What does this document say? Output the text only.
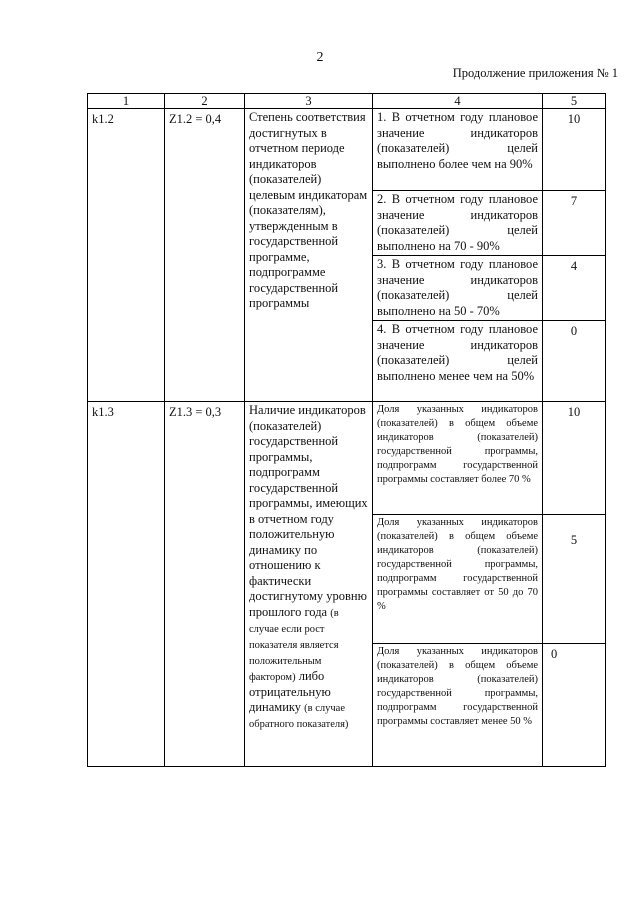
2
Продолжение приложения № 1
1	2	3	4	5
k1.2	Z1.2 = 0,4	Степень соответствия достигнутых в отчетном периоде индикаторов (показателей) целевым индикаторам (показателям), утвержденным в государственной программе, подпрограмме государственной программы	1. В отчетном году плановое значение индикаторов (показателей) целей выполнено более чем на 90%	10
			2. В отчетном году плановое значение индикаторов (показателей) целей выполнено на 70 - 90%	7
			3. В отчетном году плановое значение индикаторов (показателей) целей выполнено на 50 - 70%	4
			4. В отчетном году плановое значение индикаторов (показателей) целей выполнено менее чем на 50%	0
k1.3	Z1.3 = 0,3	Наличие индикаторов (показателей) государственной программы, подпрограмм государственной программы, имеющих в отчетном году положительную динамику по отношению к фактически достигнутому уровню прошлого года (в случае если рост показателя является положительным фактором) либо отрицательную динамику (в случае обратного показателя)	Доля указанных индикаторов (показателей) в общем объеме индикаторов (показателей) государственной программы, подпрограмм государственной программы составляет более 70 %	10
			Доля указанных индикаторов (показателей) в общем объеме индикаторов (показателей) государственной программы, подпрограмм государственной программы составляет от 50 до 70 %	5
			Доля указанных индикаторов (показателей) в общем объеме индикаторов (показателей) государственной программы, подпрограмм государственной программы составляет менее 50 %	0
